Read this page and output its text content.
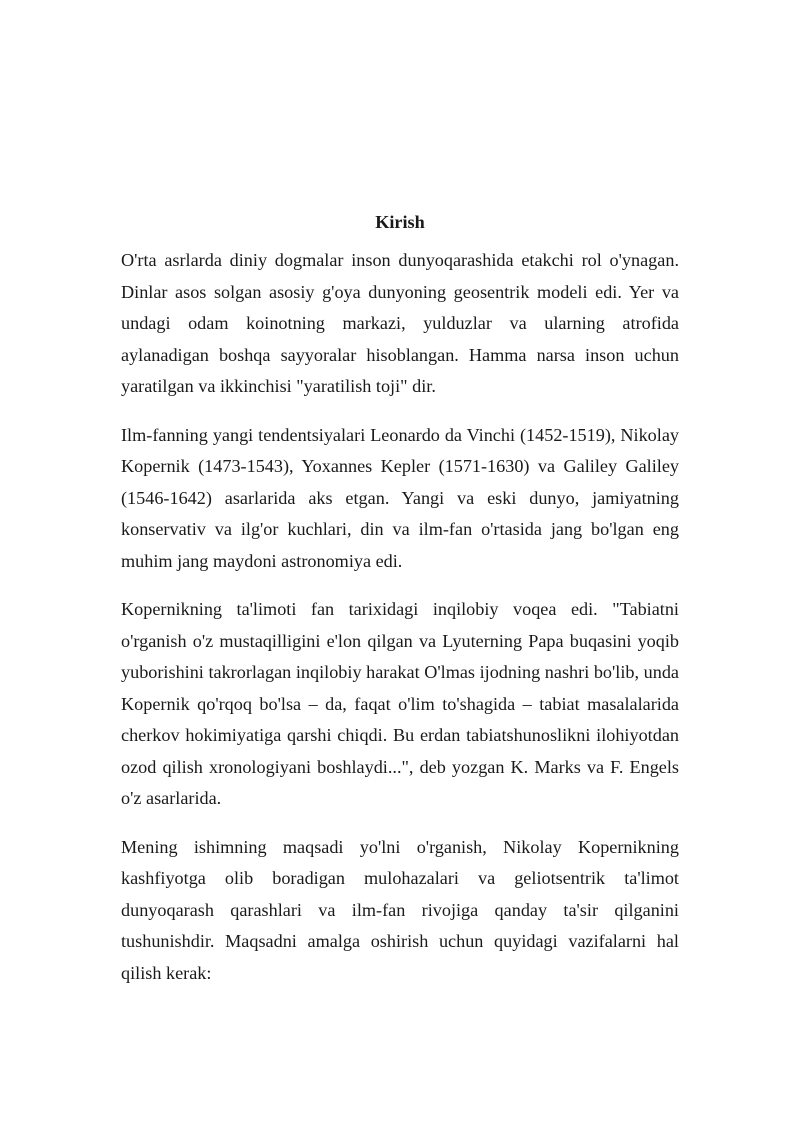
Kirish

O'rta asrlarda diniy dogmalar inson dunyoqarashida etakchi rol o'ynagan. Dinlar asos solgan asosiy g'oya dunyoning geosentrik modeli edi. Yer va undagi odam koinotning markazi, yulduzlar va ularning atrofida aylanadigan boshqa sayyoralar hisoblangan. Hamma narsa inson uchun yaratilgan va ikkinchisi "yaratilish toji" dir.

Ilm-fanning yangi tendentsiyalari Leonardo da Vinchi (1452-1519), Nikolay Kopernik (1473-1543), Yoxannes Kepler (1571-1630) va Galiley Galiley (1546-1642) asarlarida aks etgan. Yangi va eski dunyo, jamiyatning konservativ va ilg'or kuchlari, din va ilm-fan o'rtasida jang bo'lgan eng muhim jang maydoni astronomiya edi.

Kopernikning ta'limoti fan tarixidagi inqilobiy voqea edi. "Tabiatni o'rganish o'z mustaqilligini e'lon qilgan va Lyuterning Papa buqasini yoqib yuborishini takrorlagan inqilobiy harakat O'lmas ijodning nashri bo'lib, unda Kopernik qo'rqoq bo'lsa – da, faqat o'lim to'shagida – tabiat masalalarida cherkov hokimiyatiga qarshi chiqdi. Bu erdan tabiatshunoslikni ilohiyotdan ozod qilish xronologiyani boshlaydi...", deb yozgan K. Marks va F. Engels o'z asarlarida.

Mening ishimning maqsadi yo'lni o'rganish, Nikolay Kopernikning kashfiyotga olib boradigan mulohazalari va geliotsentrik ta'limot dunyoqarash qarashlari va ilm-fan rivojiga qanday ta'sir qilganini tushunishdir. Maqsadni amalga oshirish uchun quyidagi vazifalarni hal qilish kerak:
